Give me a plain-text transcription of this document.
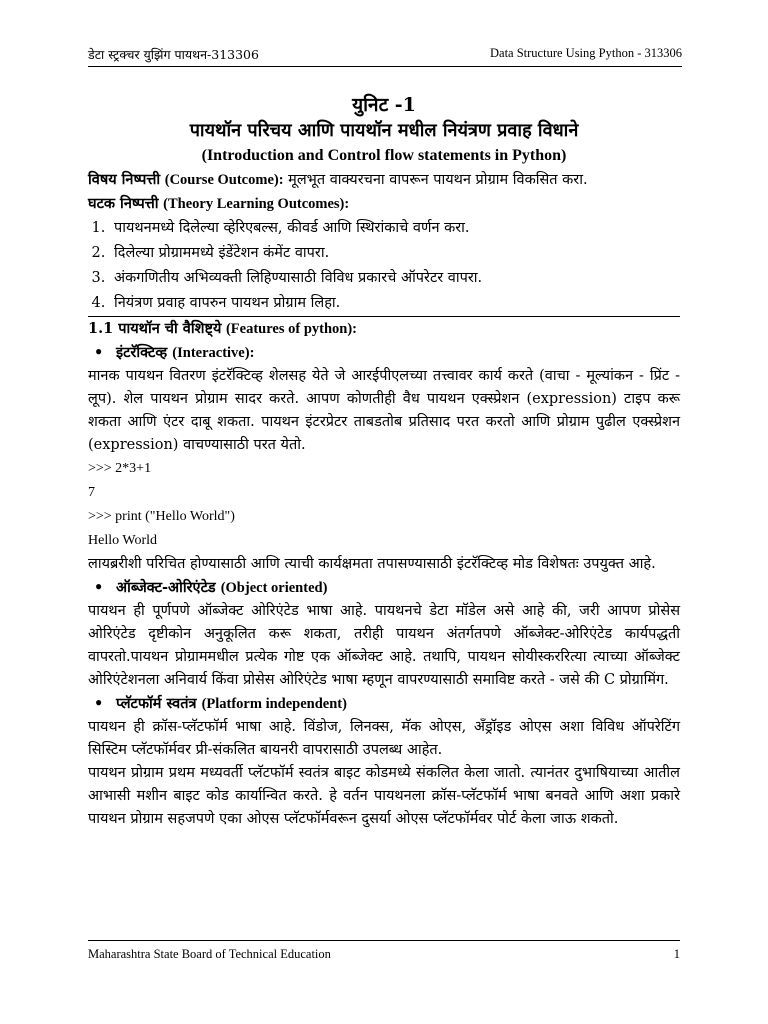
डेटा स्ट्रक्चर युझिंग पायथन-313306	Data Structure Using Python - 313306
युनिट -1
पायथॉन परिचय आणि पायथॉन मधील नियंत्रण प्रवाह विधाने
(Introduction and Control flow statements in Python)
विषय निष्पत्ती (Course Outcome): मूलभूत वाक्यरचना वापरून पायथन प्रोग्राम विकसित करा.
घटक निष्पत्ती (Theory Learning Outcomes):
1. पायथनमध्ये दिलेल्या व्हेरिएबल्स, कीवर्ड आणि स्थिरांकाचे वर्णन करा.
2. दिलेल्या प्रोग्राममध्ये इंडेंटेशन कंमेंट वापरा.
3. अंकगणितीय अभिव्यक्ती लिहिण्यासाठी विविध प्रकारचे ऑपरेटर वापरा.
4. नियंत्रण प्रवाह वापरुन पायथन प्रोग्राम लिहा.
1.1 पायथॉन ची वैशिष्ट्ये (Features of python):

• इंटरॅक्टिव्ह (Interactive):

मानक पायथन वितरण इंटरॅक्टिव्ह शेलसह येते जे आरईपीएलच्या तत्त्वावर कार्य करते (वाचा - मूल्यांकन - प्रिंट - लूप). शेल पायथन प्रोग्राम सादर करते. आपण कोणतीही वैध पायथन एक्स्प्रेशन (expression) टाइप करू शकता आणि एंटर दाबू शकता. पायथन इंटरप्रेटर ताबडतोब प्रतिसाद परत करतो आणि प्रोग्राम पुढील एक्स्प्रेशन (expression) वाचण्यासाठी परत येतो.

>>> 2*3+1

7

>>> print ("Hello World")

Hello World

लायब्ररीशी परिचित होण्यासाठी आणि त्याची कार्यक्षमता तपासण्यासाठी इंटरॅक्टिव्ह मोड विशेषतः उपयुक्त आहे.

• ऑब्जेक्ट-ओरिएंटेड (Object oriented)

पायथन ही पूर्णपणे ऑब्जेक्ट ओरिएंटेड भाषा आहे. पायथनचे डेटा मॉडेल असे आहे की, जरी आपण प्रोसेस ओरिएंटेड दृष्टीकोन अनुकूलित करू शकता, तरीही पायथन अंतर्गतपणे ऑब्जेक्ट-ओरिएंटेड कार्यपद्धती वापरतो.पायथन प्रोग्राममधील प्रत्येक गोष्ट एक ऑब्जेक्ट आहे. तथापि, पायथन सोयीस्कररित्या त्याच्या ऑब्जेक्ट ओरिएंटेशनला अनिवार्य किंवा प्रोसेस ओरिएंटेड भाषा म्हणून वापरण्यासाठी समाविष्ट करते - जसे की C प्रोग्रामिंग.

• प्लॅटफॉर्म स्वतंत्र (Platform independent)

पायथन ही क्रॉस-प्लॅटफॉर्म भाषा आहे. विंडोज, लिनक्स, मॅक ओएस, अँड्रॉइड ओएस अशा विविध ऑपरेटिंग सिस्टिम प्लॅटफॉर्मवर प्री-संकलित बायनरी वापरासाठी उपलब्ध आहेत.

पायथन प्रोग्राम प्रथम मध्यवर्ती प्लॅटफॉर्म स्वतंत्र बाइट कोडमध्ये संकलित केला जातो. त्यानंतर दुभाषियाच्या आतील आभासी मशीन बाइट कोड कार्यान्वित करते. हे वर्तन पायथनला क्रॉस-प्लॅटफॉर्म भाषा बनवते आणि अशा प्रकारे पायथन प्रोग्राम सहजपणे एका ओएस प्लॅटफॉर्मवरून दुसर्या ओएस प्लॅटफॉर्मवर पोर्ट केला जाऊ शकतो.

Maharashtra State Board of Technical Education	1
